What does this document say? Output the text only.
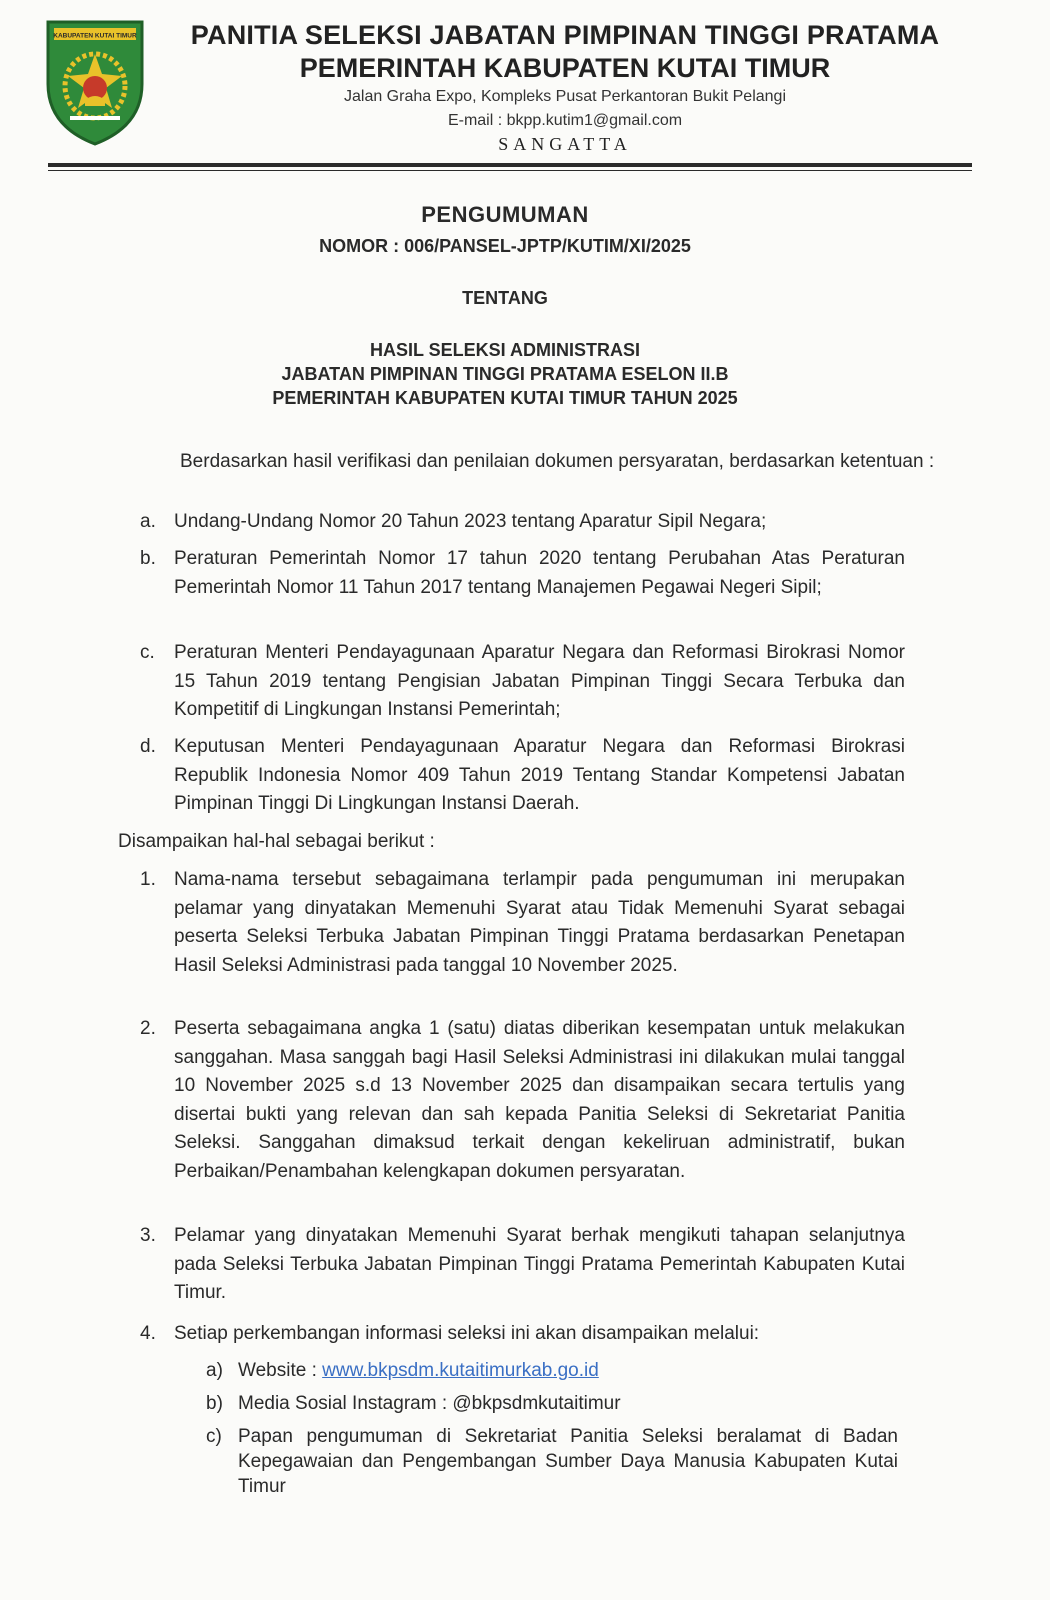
KABUPATEN KUTAI TIMUR	PANITIA SELEKSI JABATAN PIMPINAN TINGGI PRATAMA
PEMERINTAH KABUPATEN KUTAI TIMUR
Jalan Graha Expo, Kompleks Pusat Perkantoran Bukit Pelangi
E-mail : bkpp.kutim1@gmail.com
SANGATTA
PENGUMUMAN
NOMOR : 006/PANSEL-JPTP/KUTIM/XI/2025
TENTANG
HASIL SELEKSI ADMINISTRASI
JABATAN PIMPINAN TINGGI PRATAMA ESELON II.B
PEMERINTAH KABUPATEN KUTAI TIMUR TAHUN 2025
Berdasarkan hasil verifikasi dan penilaian dokumen persyaratan, berdasarkan ketentuan :
a. Undang-Undang Nomor 20 Tahun 2023 tentang Aparatur Sipil Negara;
b. Peraturan Pemerintah Nomor 17 tahun 2020 tentang Perubahan Atas Peraturan Pemerintah Nomor 11 Tahun 2017 tentang Manajemen Pegawai Negeri Sipil;
c.	Peraturan Menteri Pendayagunaan Aparatur Negara dan Reformasi Birokrasi Nomor 15 Tahun 2019 tentang Pengisian Jabatan Pimpinan Tinggi Secara Terbuka dan Kompetitif di Lingkungan Instansi Pemerintah;
d. Keputusan Menteri Pendayagunaan Aparatur Negara dan Reformasi Birokrasi Republik Indonesia Nomor 409 Tahun 2019 Tentang Standar Kompetensi Jabatan Pimpinan Tinggi Di Lingkungan Instansi Daerah.
Disampaikan hal-hal sebagai berikut :
1. Nama-nama tersebut sebagaimana terlampir pada pengumuman ini merupakan pelamar yang dinyatakan Memenuhi Syarat atau Tidak Memenuhi Syarat sebagai peserta Seleksi Terbuka Jabatan Pimpinan Tinggi Pratama berdasarkan Penetapan Hasil Seleksi Administrasi pada tanggal 10 November 2025.
2. Peserta sebagaimana angka 1 (satu) diatas diberikan kesempatan untuk melakukan sanggahan. Masa sanggah bagi Hasil Seleksi Administrasi ini dilakukan mulai tanggal 10 November 2025 s.d 13 November 2025 dan disampaikan secara tertulis yang disertai bukti yang relevan dan sah kepada Panitia Seleksi di Sekretariat Panitia Seleksi. Sanggahan dimaksud terkait dengan kekeliruan administratif, bukan Perbaikan/Penambahan kelengkapan dokumen persyaratan.
3. Pelamar yang dinyatakan Memenuhi Syarat berhak mengikuti tahapan selanjutnya pada Seleksi Terbuka Jabatan Pimpinan Tinggi Pratama Pemerintah Kabupaten Kutai Timur.
4. Setiap perkembangan informasi seleksi ini akan disampaikan melalui:
a) Website : www.bkpsdm.kutaitimurkab.go.id
b) Media Sosial Instagram : @bkpsdmkutaitimur
c) Papan pengumuman di Sekretariat Panitia Seleksi beralamat di Badan Kepegawaian dan Pengembangan Sumber Daya Manusia Kabupaten Kutai Timur
